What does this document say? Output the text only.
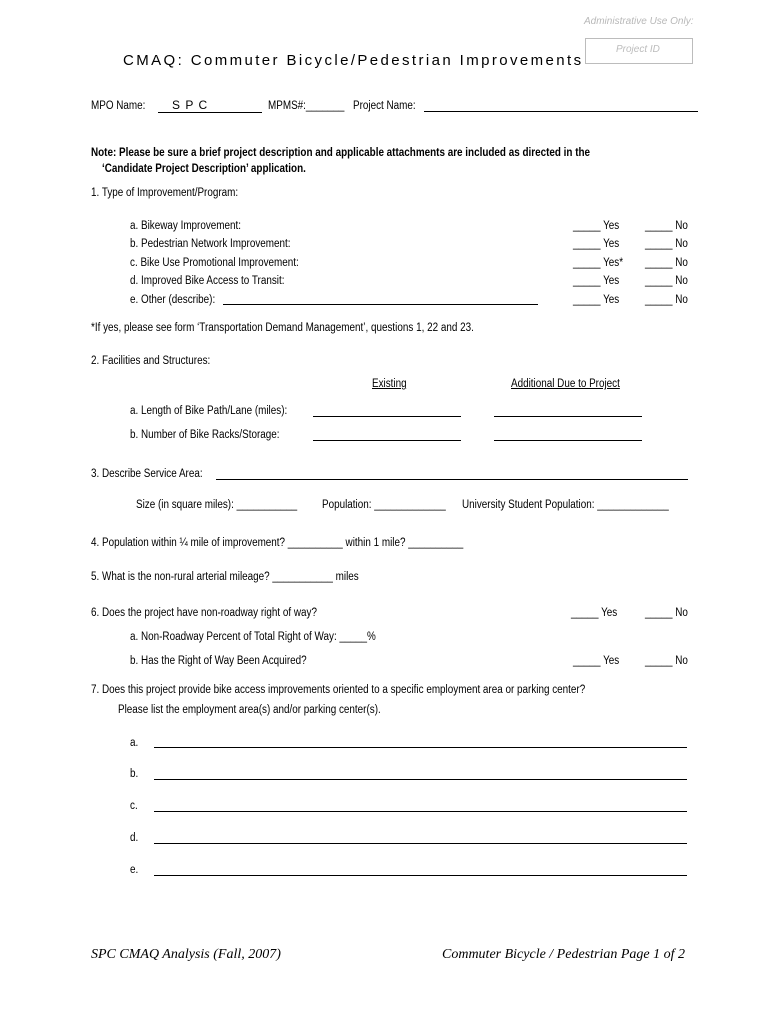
Administrative Use Only:
Project ID
CMAQ: Commuter Bicycle/Pedestrian Improvements
MPO Name: S P C	MPMS#:_______ Project Name:
Note: Please be sure a brief project description and applicable attachments are included as directed in the
‘Candidate Project Description’ application.
1. Type of Improvement/Program:
a. Bikeway Improvement:	_____ Yes _____ No
b. Pedestrian Network Improvement:	_____ Yes _____ No
c. Bike Use Promotional Improvement:	_____ Yes* _____ No
d. Improved Bike Access to Transit:	_____ Yes _____ No
e. Other (describe):	_____ Yes _____ No
*If yes, please see form ‘Transportation Demand Management’, questions 1, 22 and 23.
2. Facilities and Structures:
Existing	Additional Due to Project
a. Length of Bike Path/Lane (miles):
b. Number of Bike Racks/Storage:
3. Describe Service Area:
Size (in square miles): ___________ Population: _____________ University Student Population: _____________
4. Population within ¼ mile of improvement? __________ within 1 mile? __________
5. What is the non-rural arterial mileage? ___________ miles
6. Does the project have non-roadway right of way?	_____ Yes _____ No
a. Non-Roadway Percent of Total Right of Way: _____%
b. Has the Right of Way Been Acquired?	_____ Yes _____ No
7. Does this project provide bike access improvements oriented to a specific employment area or parking center?
Please list the employment area(s) and/or parking center(s).
a.
b.
c.
d.
e.
SPC CMAQ Analysis (Fall, 2007)	Commuter Bicycle / Pedestrian Page 1 of 2
